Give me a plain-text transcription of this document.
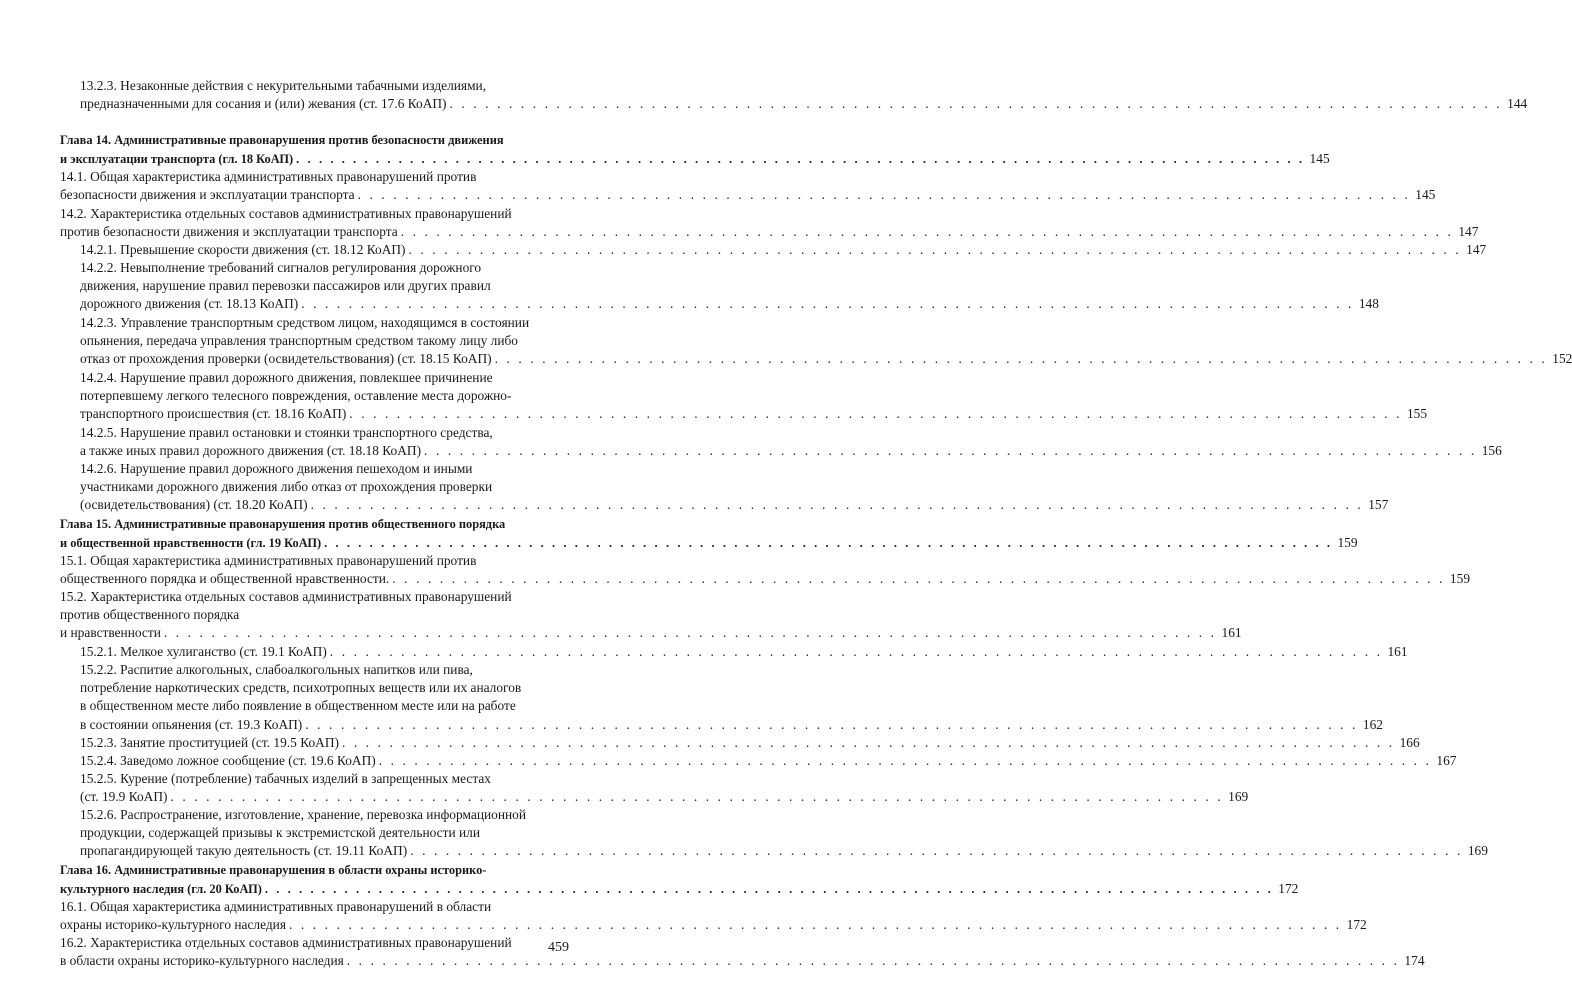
13.2.3. Незаконные действия с некурительными табачными изделиями,
предназначенными для сосания и (или) жевания (ст. 17.6 КоАП) . . . . . . . . . . . . . . . . . . . . . . . . . . . . . . . . . . . . . . . . . . . . . . . . . . . . . . . . . . . . . . . . . . . . . . . . . . . . . . . . . . . . . . . . . 144
Глава 14. Административные правонарушения против безопасности движения
и эксплуатации транспорта (гл. 18 КоАП) . . . . . . . . . . . . . . . . . . . . . . . . . . . . . . . . . . . . . . . . . . . . . . . . . . . . . . . . . . . . . . . . . . . . . . . . . . . . . . . . . . . . . . . . . 145
14.1. Общая характеристика административных правонарушений против
безопасности движения и эксплуатации транспорта . . . . . . . . . . . . . . . . . . . . . . . . . . . . . . . . . . . . . . . . . . . . . . . . . . . . . . . . . . . . . . . . . . . . . . . . . . . . . . . . . . . . . . . . . 145
14.2. Характеристика отдельных составов административных правонарушений
против безопасности движения и эксплуатации транспорта . . . . . . . . . . . . . . . . . . . . . . . . . . . . . . . . . . . . . . . . . . . . . . . . . . . . . . . . . . . . . . . . . . . . . . . . . . . . . . . . . . . . . . . . . 147
14.2.1. Превышение скорости движения (ст. 18.12 КоАП) . . . . . . . . . . . . . . . . . . . . . . . . . . . . . . . . . . . . . . . . . . . . . . . . . . . . . . . . . . . . . . . . . . . . . . . . . . . . . . . . . . . . . . . . . 147
14.2.2. Невыполнение требований сигналов регулирования дорожного
движения, нарушение правил перевозки пассажиров или других правил
дорожного движения (ст. 18.13 КоАП) . . . . . . . . . . . . . . . . . . . . . . . . . . . . . . . . . . . . . . . . . . . . . . . . . . . . . . . . . . . . . . . . . . . . . . . . . . . . . . . . . . . . . . . . . 148
14.2.3. Управление транспортным средством лицом, находящимся в состоянии
опьянения, передача управления транспортным средством такому лицу либо
отказ от прохождения проверки (освидетельствования) (ст. 18.15 КоАП) . . . . . . . . . . . . . . . . . . . . . . . . . . . . . . . . . . . . . . . . . . . . . . . . . . . . . . . . . . . . . . . . . . . . . . . . . . . . . . . . . . . . . . . . . 152
14.2.4. Нарушение правил дорожного движения, повлекшее причинение
потерпевшему легкого телесного повреждения, оставление места дорожно-
транспортного происшествия (ст. 18.16 КоАП) . . . . . . . . . . . . . . . . . . . . . . . . . . . . . . . . . . . . . . . . . . . . . . . . . . . . . . . . . . . . . . . . . . . . . . . . . . . . . . . . . . . . . . . . . 155
14.2.5. Нарушение правил остановки и стоянки транспортного средства,
а также иных правил дорожного движения (ст. 18.18 КоАП) . . . . . . . . . . . . . . . . . . . . . . . . . . . . . . . . . . . . . . . . . . . . . . . . . . . . . . . . . . . . . . . . . . . . . . . . . . . . . . . . . . . . . . . . . 156
14.2.6. Нарушение правил дорожного движения пешеходом и иными
участниками дорожного движения либо отказ от прохождения проверки
(освидетельствования) (ст. 18.20 КоАП) . . . . . . . . . . . . . . . . . . . . . . . . . . . . . . . . . . . . . . . . . . . . . . . . . . . . . . . . . . . . . . . . . . . . . . . . . . . . . . . . . . . . . . . . . 157
Глава 15. Административные правонарушения против общественного порядка
и общественной нравственности (гл. 19 КоАП) . . . . . . . . . . . . . . . . . . . . . . . . . . . . . . . . . . . . . . . . . . . . . . . . . . . . . . . . . . . . . . . . . . . . . . . . . . . . . . . . . . . . . . . . . 159
15.1. Общая характеристика административных правонарушений против
общественного порядка и общественной нравственности. . . . . . . . . . . . . . . . . . . . . . . . . . . . . . . . . . . . . . . . . . . . . . . . . . . . . . . . . . . . . . . . . . . . . . . . . . . . . . . . . . . . . . . . . . 159
15.2. Характеристика отдельных составов административных правонарушений
против общественного порядка
и нравственности . . . . . . . . . . . . . . . . . . . . . . . . . . . . . . . . . . . . . . . . . . . . . . . . . . . . . . . . . . . . . . . . . . . . . . . . . . . . . . . . . . . . . . . . . 161
15.2.1. Мелкое хулиганство (ст. 19.1 КоАП) . . . . . . . . . . . . . . . . . . . . . . . . . . . . . . . . . . . . . . . . . . . . . . . . . . . . . . . . . . . . . . . . . . . . . . . . . . . . . . . . . . . . . . . . . 161
15.2.2. Распитие алкогольных, слабоалкогольных напитков или пива,
потребление наркотических средств, психотропных веществ или их аналогов
в общественном месте либо появление в общественном месте или на работе
в состоянии опьянения (ст. 19.3 КоАП) . . . . . . . . . . . . . . . . . . . . . . . . . . . . . . . . . . . . . . . . . . . . . . . . . . . . . . . . . . . . . . . . . . . . . . . . . . . . . . . . . . . . . . . . . 162
15.2.3. Занятие проституцией (ст. 19.5 КоАП) . . . . . . . . . . . . . . . . . . . . . . . . . . . . . . . . . . . . . . . . . . . . . . . . . . . . . . . . . . . . . . . . . . . . . . . . . . . . . . . . . . . . . . . . . 166
15.2.4. Заведомо ложное сообщение (ст. 19.6 КоАП) . . . . . . . . . . . . . . . . . . . . . . . . . . . . . . . . . . . . . . . . . . . . . . . . . . . . . . . . . . . . . . . . . . . . . . . . . . . . . . . . . . . . . . . . . 167
15.2.5. Курение (потребление) табачных изделий в запрещенных местах
(ст. 19.9 КоАП) . . . . . . . . . . . . . . . . . . . . . . . . . . . . . . . . . . . . . . . . . . . . . . . . . . . . . . . . . . . . . . . . . . . . . . . . . . . . . . . . . . . . . . . . . 169
15.2.6. Распространение, изготовление, хранение, перевозка информационной
продукции, содержащей призывы к экстремистской деятельности или
пропагандирующей такую деятельность (ст. 19.11 КоАП) . . . . . . . . . . . . . . . . . . . . . . . . . . . . . . . . . . . . . . . . . . . . . . . . . . . . . . . . . . . . . . . . . . . . . . . . . . . . . . . . . . . . . . . . . 169
Глава 16. Административные правонарушения в области охраны историко-
культурного наследия (гл. 20 КоАП) . . . . . . . . . . . . . . . . . . . . . . . . . . . . . . . . . . . . . . . . . . . . . . . . . . . . . . . . . . . . . . . . . . . . . . . . . . . . . . . . . . . . . . . . . 172
16.1. Общая характеристика административных правонарушений в области
охраны историко-культурного наследия . . . . . . . . . . . . . . . . . . . . . . . . . . . . . . . . . . . . . . . . . . . . . . . . . . . . . . . . . . . . . . . . . . . . . . . . . . . . . . . . . . . . . . . . . 172
16.2. Характеристика отдельных составов административных правонарушений
в области охраны историко-культурного наследия . . . . . . . . . . . . . . . . . . . . . . . . . . . . . . . . . . . . . . . . . . . . . . . . . . . . . . . . . . . . . . . . . . . . . . . . . . . . . . . . . . . . . . . . . 174
459
